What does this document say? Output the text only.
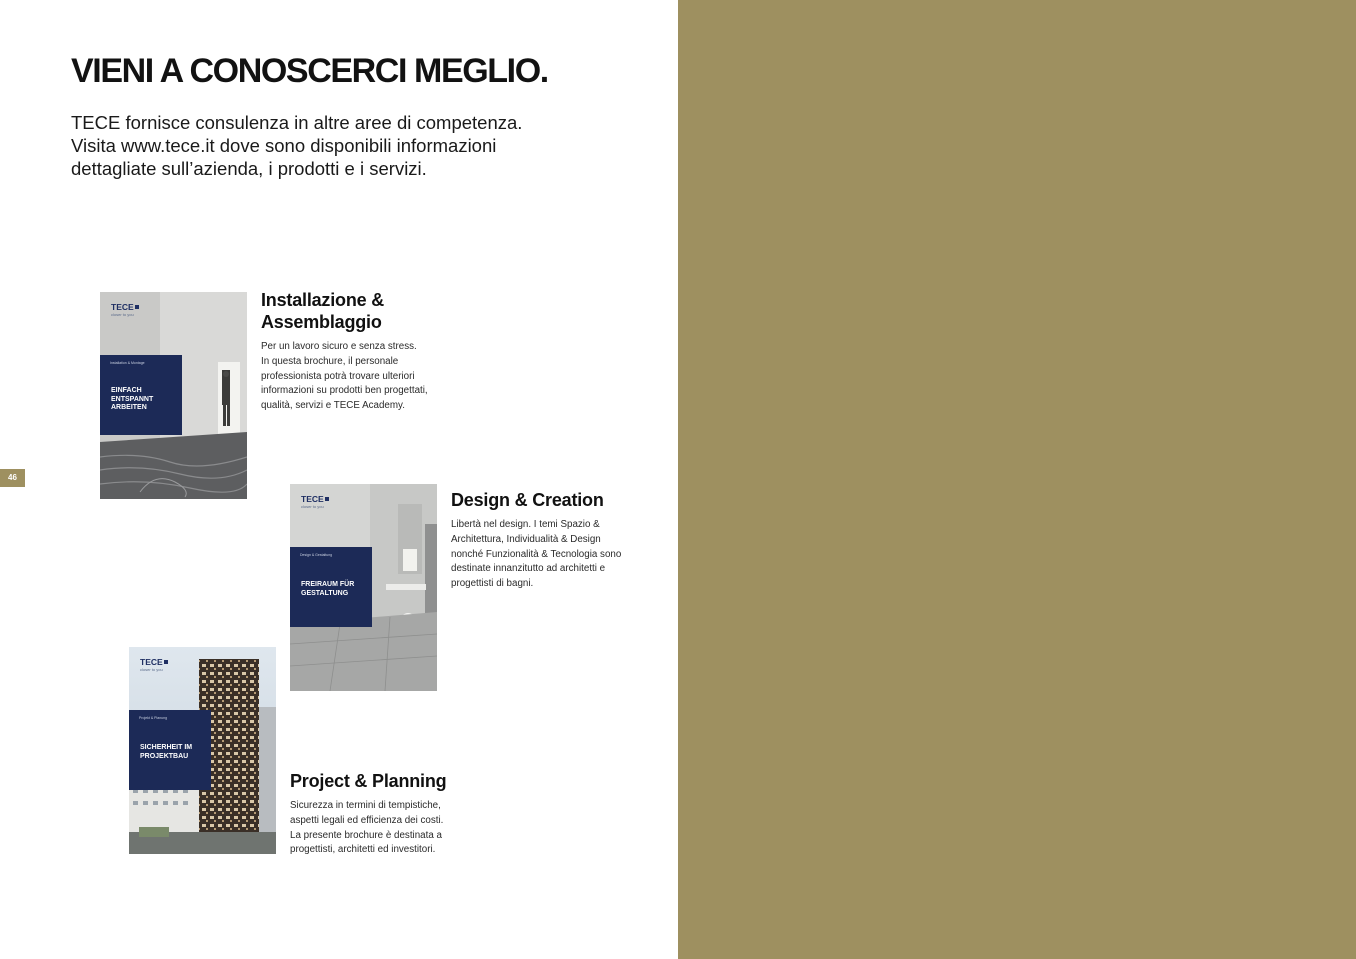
VIENI A CONOSCERCI MEGLIO.

TECE fornisce consulenza in altre aree di competenza.
Visita www.tece.it dove sono disponibili informazioni
dettagliate sull’azienda, i prodotti e i servizi.

46
TECE
closer to you
Installation & Montage
EINFACH
ENTSPANNT
ARBEITEN
Installazione &
Assemblaggio

Per un lavoro sicuro e senza stress.
In questa brochure, il personale
professionista potrà trovare ulteriori
informazioni su prodotti ben progettati,
qualità, servizi e TECE Academy.

TECE
closer to you
Design & Gestaltung
FREIRAUM FÜR
GESTALTUNG
Design & Creation

Libertà nel design. I temi Spazio &
Architettura, Individualità & Design
nonché Funzionalità & Tecnologia sono
destinate innanzitutto ad architetti e
progettisti di bagni.

TECE
closer to you
Projekt & Planung
SICHERHEIT IM
PROJEKTBAU
Project & Planning

Sicurezza in termini di tempistiche,
aspetti legali ed efficienza dei costi.
La presente brochure è destinata a
progettisti, architetti ed investitori.
